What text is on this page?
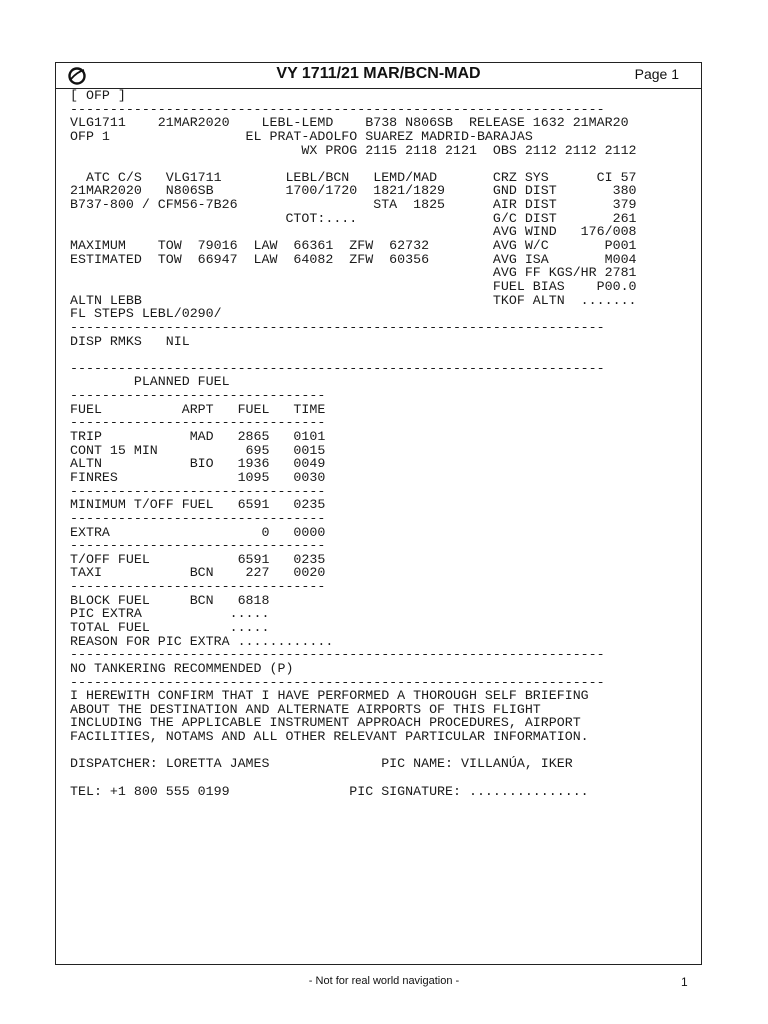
VY 1711/21 MAR/BCN-MAD	Page 1
[ OFP ]
-------------------------------------------------------------------
VLG1711    21MAR2020    LEBL-LEMD    B738 N806SB  RELEASE 1632 21MAR20
OFP 1                 EL PRAT-ADOLFO SUAREZ MADRID-BARAJAS
WX PROG 2115 2118 2121  OBS 2112 2112 2112
ATC C/S   VLG1711        LEBL/BCN   LEMD/MAD       CRZ SYS      CI 57
21MAR2020   N806SB         1700/1720  1821/1829      GND DIST       380
B737-800 / CFM56-7B26                 STA  1825      AIR DIST       379
CTOT:....                 G/C DIST       261
AVG WIND   176/008
MAXIMUM    TOW  79016  LAW  66361  ZFW  62732        AVG W/C       P001
ESTIMATED  TOW  66947  LAW  64082  ZFW  60356        AVG ISA       M004
AVG FF KGS/HR 2781
FUEL BIAS    P00.0
ALTN LEBB                                            TKOF ALTN  .......
FL STEPS LEBL/0290/
-------------------------------------------------------------------
DISP RMKS   NIL
-------------------------------------------------------------------
PLANNED FUEL
--------------------------------
FUEL          ARPT   FUEL   TIME
--------------------------------
TRIP           MAD   2865   0101
CONT 15 MIN           695   0015
ALTN           BIO   1936   0049
FINRES               1095   0030
--------------------------------
MINIMUM T/OFF FUEL   6591   0235
--------------------------------
EXTRA                   0   0000
--------------------------------
T/OFF FUEL           6591   0235
TAXI           BCN    227   0020
--------------------------------
BLOCK FUEL     BCN   6818
PIC EXTRA           .....
TOTAL FUEL          .....
REASON FOR PIC EXTRA ............
-------------------------------------------------------------------
NO TANKERING RECOMMENDED (P)
-------------------------------------------------------------------
I HEREWITH CONFIRM THAT I HAVE PERFORMED A THOROUGH SELF BRIEFING
ABOUT THE DESTINATION AND ALTERNATE AIRPORTS OF THIS FLIGHT
INCLUDING THE APPLICABLE INSTRUMENT APPROACH PROCEDURES, AIRPORT
FACILITIES, NOTAMS AND ALL OTHER RELEVANT PARTICULAR INFORMATION.
DISPATCHER: LORETTA JAMES              PIC NAME: VILLANÚA, IKER
TEL: +1 800 555 0199               PIC SIGNATURE: ...............
- Not for real world navigation -	1
